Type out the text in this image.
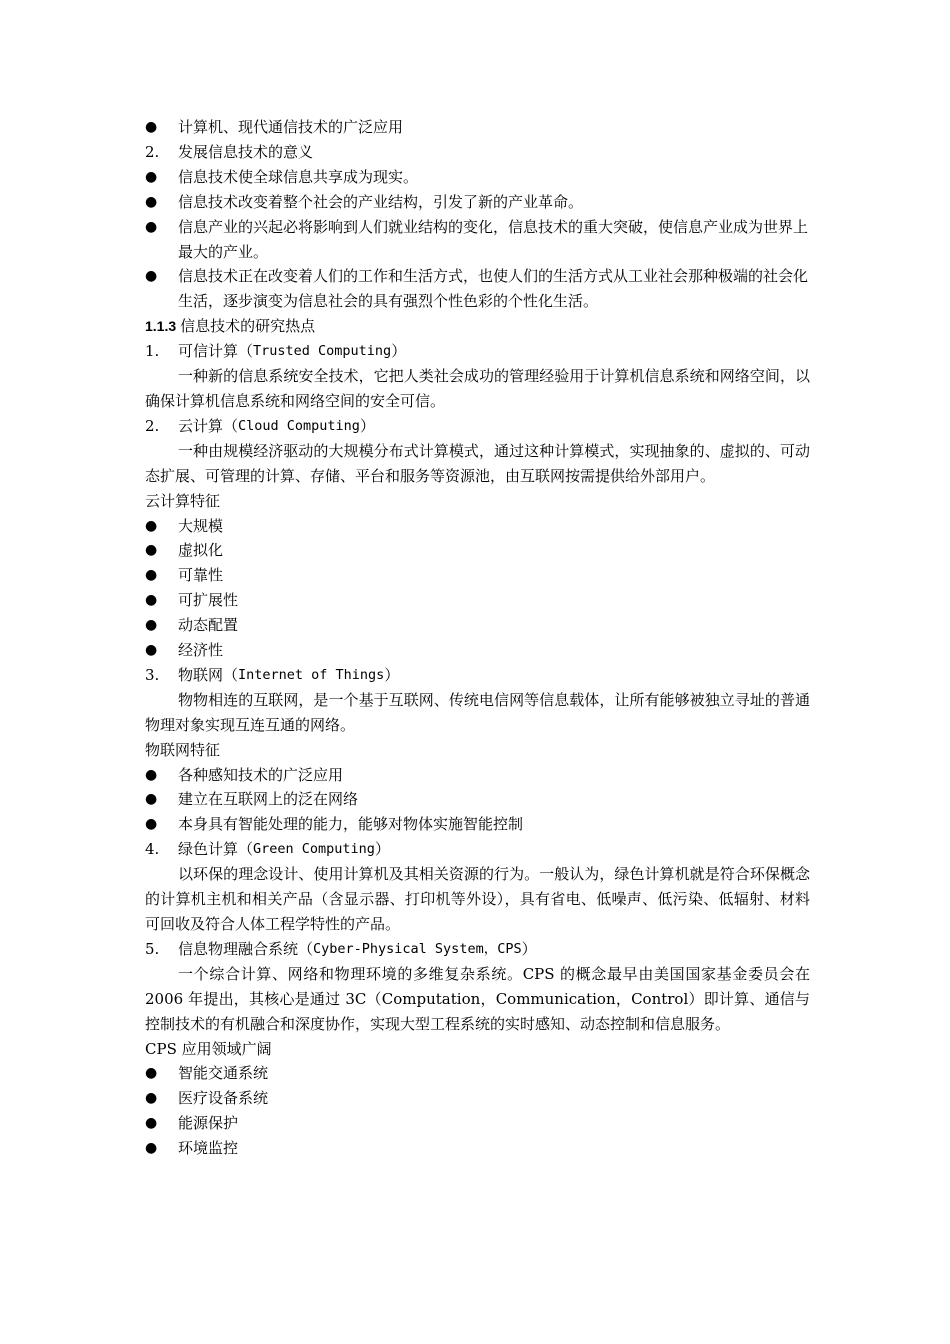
●	计算机、现代通信技术的广泛应用
2.	发展信息技术的意义
●	信息技术使全球信息共享成为现实。
●	信息技术改变着整个社会的产业结构，引发了新的产业革命。
●	信息产业的兴起必将影响到人们就业结构的变化，信息技术的重大突破，使信息产业成为世界上最大的产业。
●	信息技术正在改变着人们的工作和生活方式，也使人们的生活方式从工业社会那种极端的社会化生活，逐步演变为信息社会的具有强烈个性色彩的个性化生活。
1.1.3 信息技术的研究热点
1.	可信计算（ Trusted Computing ）
一种新的信息系统安全技术，它把人类社会成功的管理经验用于计算机信息系统和网络空间，以确保计算机信息系统和网络空间的安全可信。
2.	云计算（ Cloud Computing ）
一种由规模经济驱动的大规模分布式计算模式，通过这种计算模式，实现抽象的、虚拟的、可动态扩展、可管理的计算、存储、平台和服务等资源池，由互联网按需提供给外部用户。
云计算特征
●	大规模
●	虚拟化
●	可靠性
●	可扩展性
●	动态配置
●	经济性
3.	物联网（ Internet of Things ）
物物相连的互联网，是一个基于互联网、传统电信网等信息载体，让所有能够被独立寻址的普通物理对象实现互连互通的网络。
物联网特征
●	各种感知技术的广泛应用
●	建立在互联网上的泛在网络
●	本身具有智能处理的能力，能够对物体实施智能控制
4.	绿色计算（ Green Computing ）
以环保的理念设计、使用计算机及其相关资源的行为。一般认为，绿色计算机就是符合环保概念的计算机主机和相关产品（含显示器、打印机等外设），具有省电、低噪声、低污染、低辐射、材料可回收及符合人体工程学特性的产品。
5.	信息物理融合系统（ Cyber-Physical System，CPS ）
一个综合计算、网络和物理环境的多维复杂系统。CPS 的概念最早由美国国家基金委员会在 2006 年提出，其核心是通过 3C（Computation，Communication，Control）即计算、通信与控制技术的有机融合和深度协作，实现大型工程系统的实时感知、动态控制和信息服务。
CPS 应用领域广阔
●	智能交通系统
●	医疗设备系统
●	能源保护
●	环境监控
